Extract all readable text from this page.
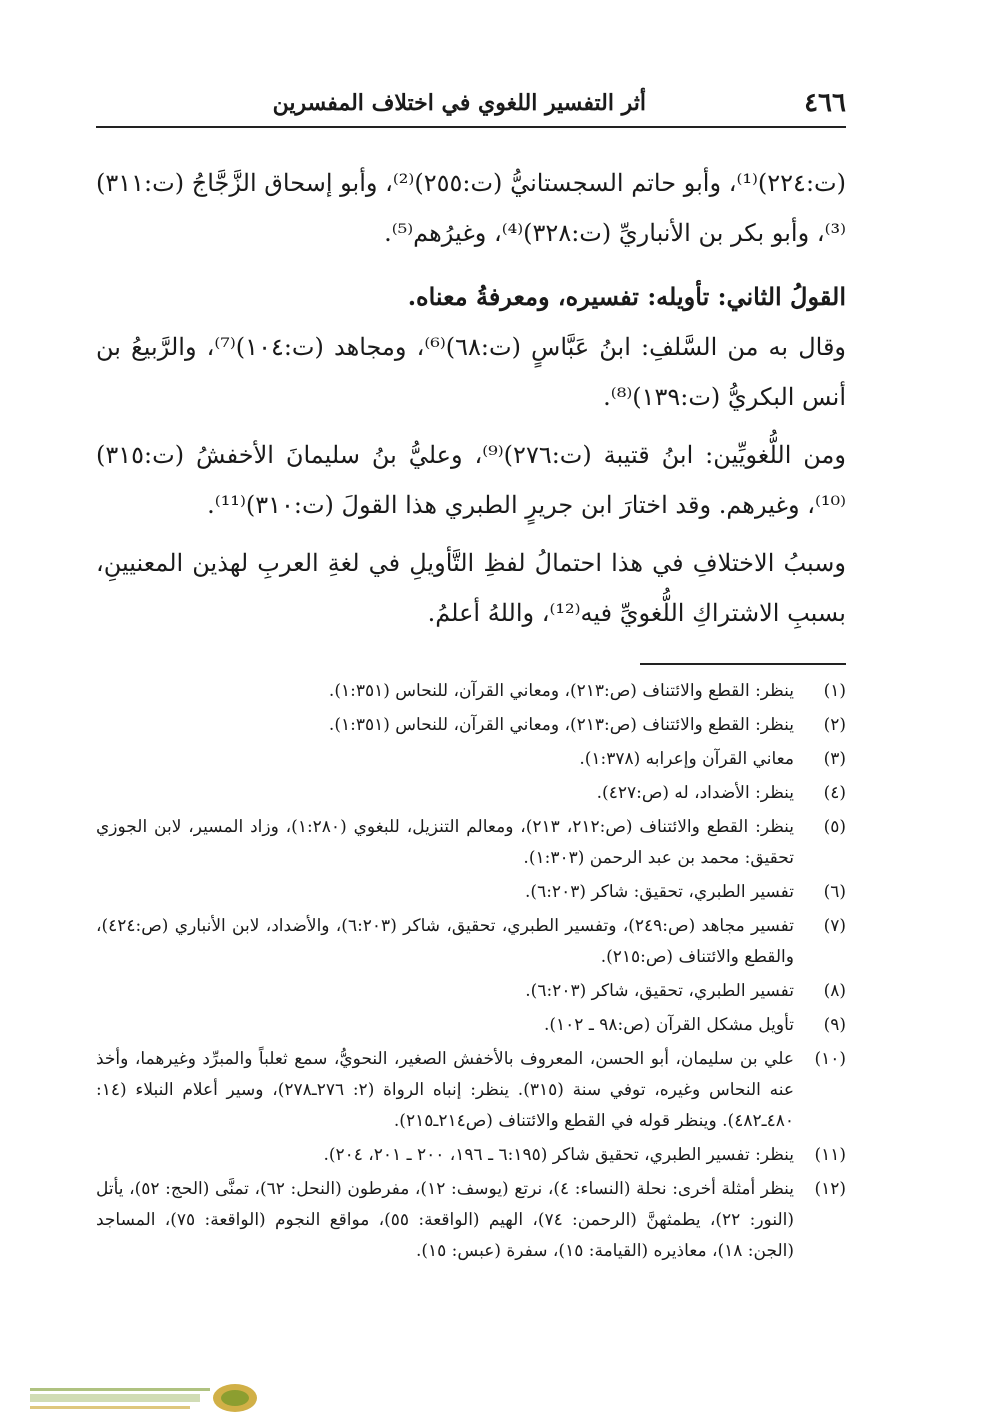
٤٦٦
أثر التفسير اللغوي في اختلاف المفسرين

(ت:٢٢٤)⁽¹⁾، وأبو حاتم السجستانيُّ (ت:٢٥٥)⁽²⁾، وأبو إسحاق الزَّجَّاجُ (ت:٣١١)⁽³⁾، وأبو بكر بن الأنباريِّ (ت:٣٢٨)⁽⁴⁾، وغيرُهم⁽⁵⁾.

القولُ الثاني: تأويله: تفسيره، ومعرفةُ معناه.

وقال به من السَّلفِ: ابنُ عَبَّاسٍ (ت:٦٨)⁽⁶⁾، ومجاهد (ت:١٠٤)⁽⁷⁾، والرَّبيعُ بن أنس البكريُّ (ت:١٣٩)⁽⁸⁾.

ومن اللُّغويِّين: ابنُ قتيبة (ت:٢٧٦)⁽⁹⁾، وعليُّ بنُ سليمانَ الأخفشُ (ت:٣١٥)⁽¹⁰⁾، وغيرهم. وقد اختارَ ابن جريرٍ الطبري هذا القولَ (ت:٣١٠)⁽¹¹⁾.

وسببُ الاختلافِ في هذا احتمالُ لفظِ التَّأويلِ في لغةِ العربِ لهذين المعنيينِ، بسببِ الاشتراكِ اللُّغويِّ فيه⁽¹²⁾، واللهُ أعلمُ.

(١)
ينظر: القطع والائتناف (ص:٢١٣)، ومعاني القرآن، للنحاس (١:٣٥١).
(٢)
ينظر: القطع والائتناف (ص:٢١٣)، ومعاني القرآن، للنحاس (١:٣٥١).
(٣)
معاني القرآن وإعرابه (١:٣٧٨).
(٤)
ينظر: الأضداد، له (ص:٤٢٧).
(٥)
ينظر: القطع والائتناف (ص:٢١٢، ٢١٣)، ومعالم التنزيل، للبغوي (١:٢٨٠)، وزاد المسير، لابن الجوزي تحقيق: محمد بن عبد الرحمن (١:٣٠٣).
(٦)
تفسير الطبري، تحقيق: شاكر (٦:٢٠٣).
(٧)
تفسير مجاهد (ص:٢٤٩)، وتفسير الطبري، تحقيق، شاكر (٦:٢٠٣)، والأضداد، لابن الأنباري (ص:٤٢٤)، والقطع والائتناف (ص:٢١٥).
(٨)
تفسير الطبري، تحقيق، شاكر (٦:٢٠٣).
(٩)
تأويل مشكل القرآن (ص:٩٨ ـ ١٠٢).
(١٠)
علي بن سليمان، أبو الحسن، المعروف بالأخفش الصغير، النحويُّ، سمع ثعلباً والمبرِّد وغيرهما، وأخذ عنه النحاس وغيره، توفي سنة (٣١٥). ينظر: إنباه الرواة (٢: ٢٧٦ـ٢٧٨)، وسير أعلام النبلاء (١٤: ٤٨٠ـ٤٨٢). وينظر قوله في القطع والائتناف (ص٢١٤ـ٢١٥).
(١١)
ينظر: تفسير الطبري، تحقيق شاكر (٦:١٩٥ ـ ١٩٦، ٢٠٠ ـ ٢٠١، ٢٠٤).
(١٢)
ينظر أمثلة أخرى: نحلة (النساء: ٤)، نرتع (يوسف: ١٢)، مفرطون (النحل: ٦٢)، تمنَّى (الحج: ٥٢)، يأتل (النور: ٢٢)، يطمثهنَّ (الرحمن: ٧٤)، الهيم (الواقعة: ٥٥)، مواقع النجوم (الواقعة: ٧٥)، المساجد (الجن: ١٨)، معاذيره (القيامة: ١٥)، سفرة (عبس: ١٥).
